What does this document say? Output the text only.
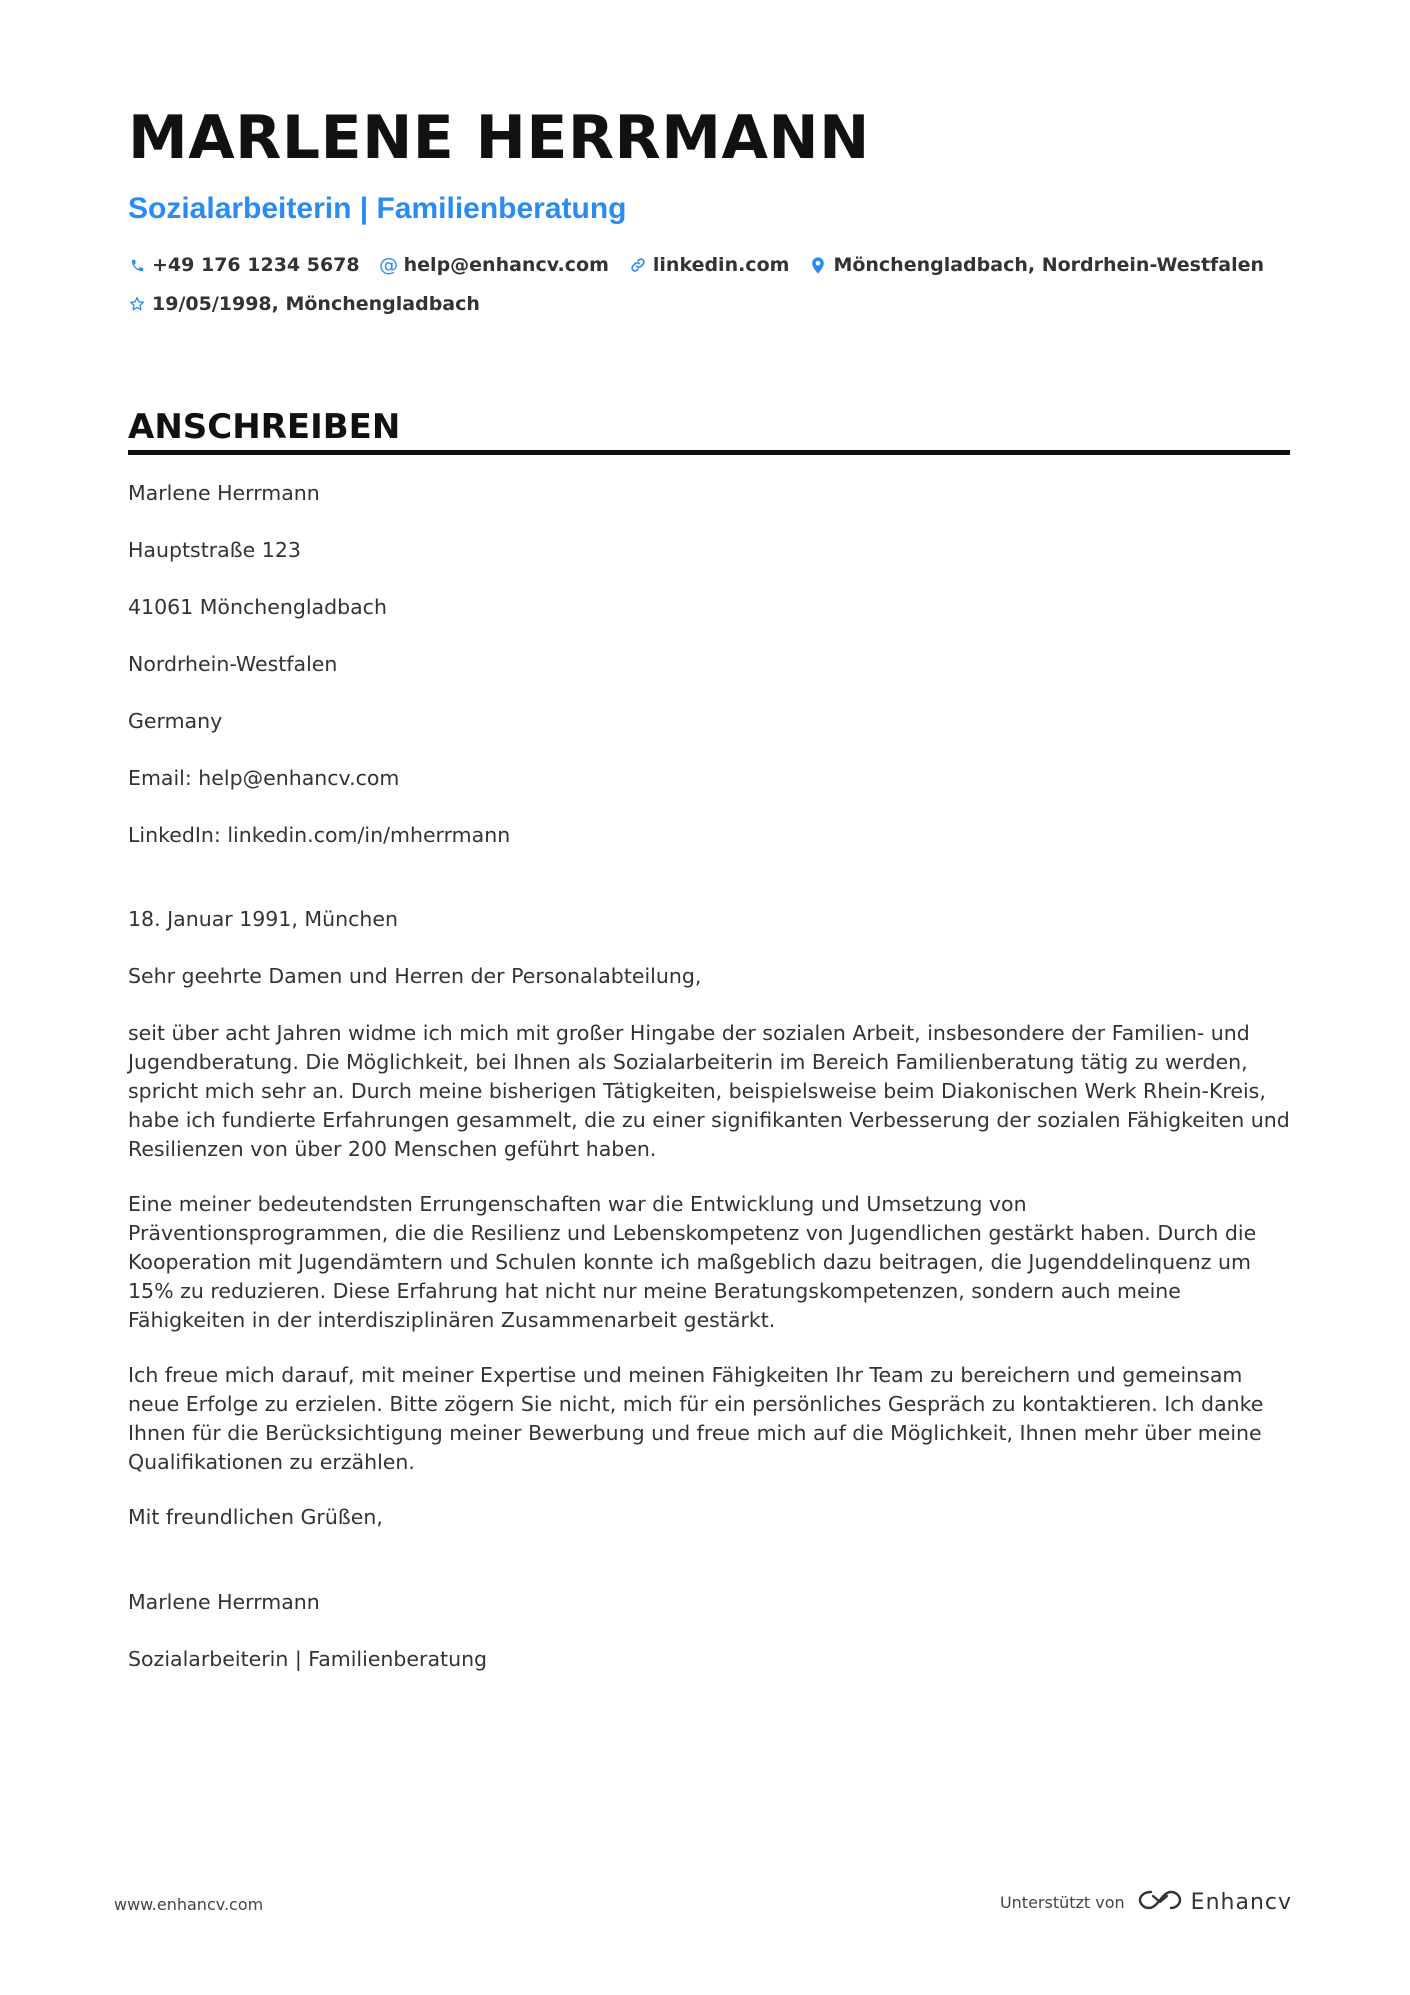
MARLENE HERRMANN
Sozialarbeiterin | Familienberatung
+49 176 1234 5678 @ help@enhancv.com linkedin.com Mönchengladbach, Nordrhein-Westfalen
19/05/1998, Mönchengladbach
ANSCHREIBEN
Marlene Herrmann
Hauptstraße 123
41061 Mönchengladbach
Nordrhein-Westfalen
Germany
Email: help@enhancv.com
LinkedIn: linkedin.com/in/mherrmann
18. Januar 1991, München
Sehr geehrte Damen und Herren der Personalabteilung,
seit über acht Jahren widme ich mich mit großer Hingabe der sozialen Arbeit, insbesondere der Familien- und Jugendberatung. Die Möglichkeit, bei Ihnen als Sozialarbeiterin im Bereich Familienberatung tätig zu werden, spricht mich sehr an. Durch meine bisherigen Tätigkeiten, beispielsweise beim Diakonischen Werk Rhein-Kreis, habe ich fundierte Erfahrungen gesammelt, die zu einer signifikanten Verbesserung der sozialen Fähigkeiten und Resilienzen von über 200 Menschen geführt haben.
Eine meiner bedeutendsten Errungenschaften war die Entwicklung und Umsetzung von Präventionsprogrammen, die die Resilienz und Lebenskompetenz von Jugendlichen gestärkt haben. Durch die Kooperation mit Jugendämtern und Schulen konnte ich maßgeblich dazu beitragen, die Jugenddelinquenz um 15% zu reduzieren. Diese Erfahrung hat nicht nur meine Beratungskompetenzen, sondern auch meine Fähigkeiten in der interdisziplinären Zusammenarbeit gestärkt.
Ich freue mich darauf, mit meiner Expertise und meinen Fähigkeiten Ihr Team zu bereichern und gemeinsam neue Erfolge zu erzielen. Bitte zögern Sie nicht, mich für ein persönliches Gespräch zu kontaktieren. Ich danke Ihnen für die Berücksichtigung meiner Bewerbung und freue mich auf die Möglichkeit, Ihnen mehr über meine Qualifikationen zu erzählen.
Mit freundlichen Grüßen,
Marlene Herrmann
Sozialarbeiterin | Familienberatung
www.enhancv.com	Unterstützt von	Enhancv
